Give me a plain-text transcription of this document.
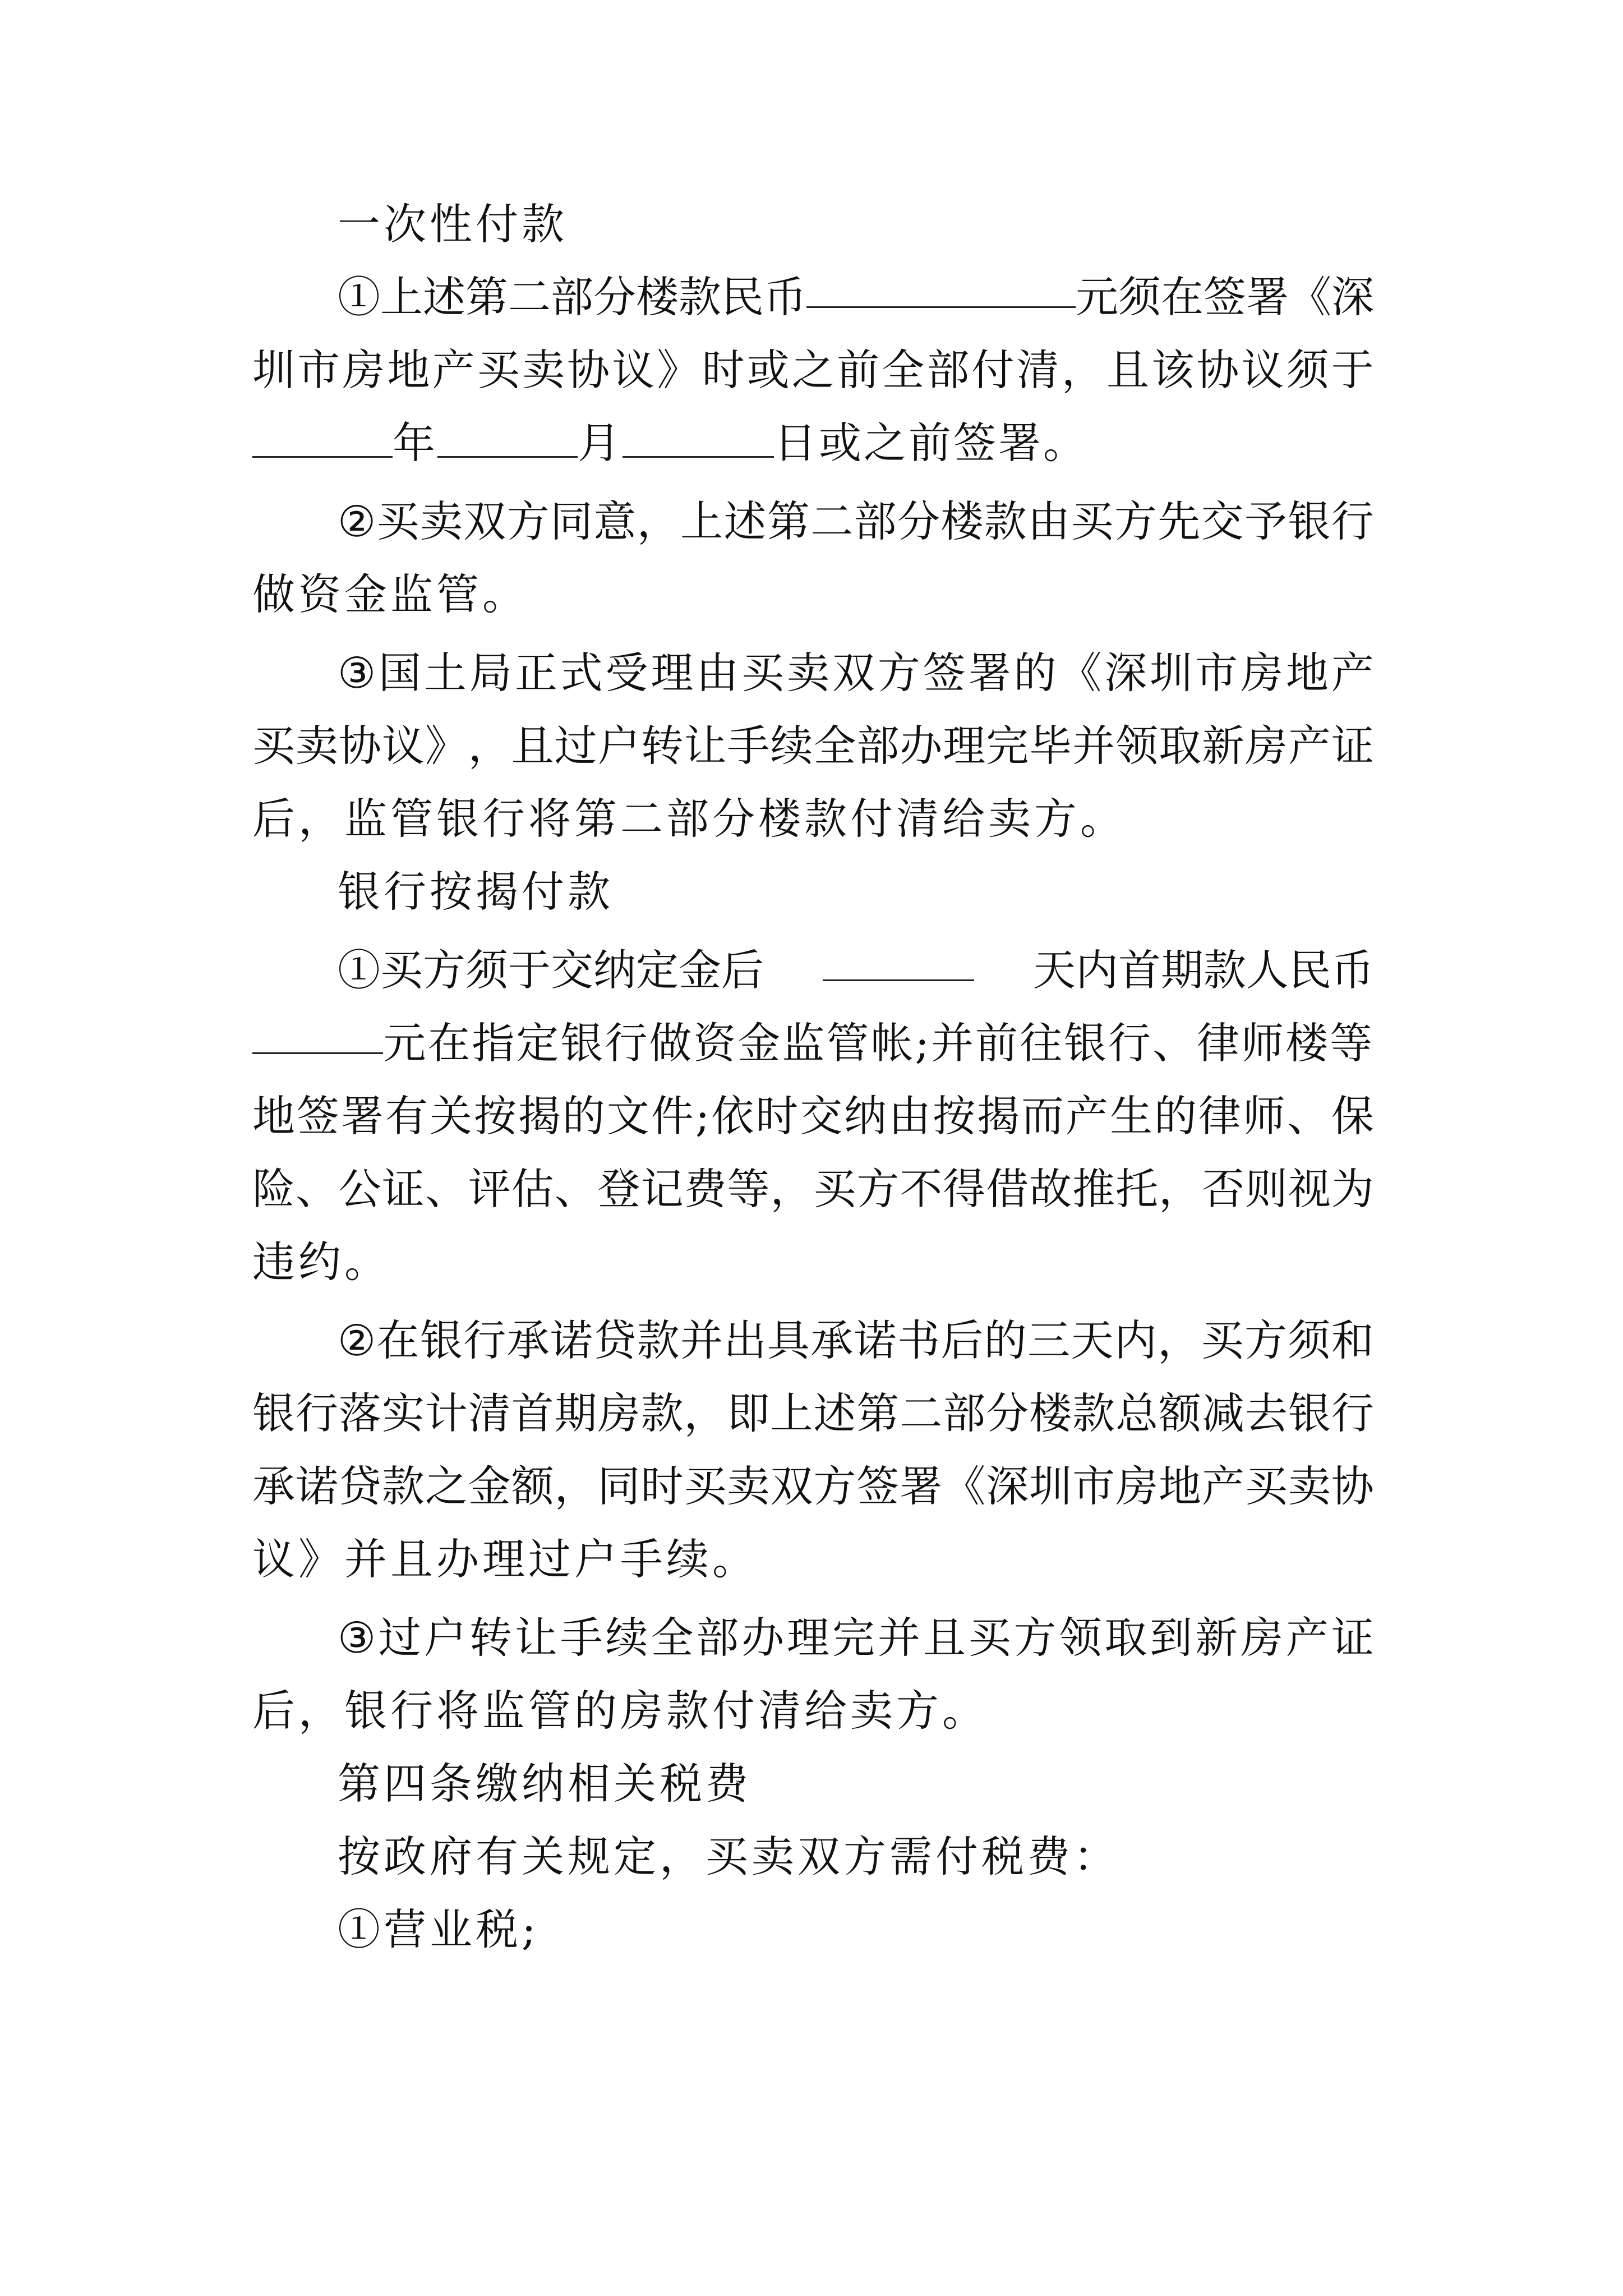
一次性付款
①上述第二部分楼款民币	元须在签署《深
圳 市 房 地 产 买 卖 协 议 》 时 或 之 前 全 部 付 清 ， 且 该 协 议 须 于
年	月	日或之前签署。
② 买 卖 双 方 同 意 ， 上 述 第 二 部 分 楼 款 由 买 方 先 交 予 银 行
做资金监管。
③ 国 土 局 正 式 受 理 由 买 卖 双 方 签 署 的 《 深 圳 市 房 地 产
买 卖 协 议 》 ， 且 过 户 转 让 手 续 全 部 办 理 完 毕 并 领 取 新 房 产 证
后，监管银行将第二部分楼款付清给卖方。
银行按揭付款
①买方须于交纳定金后	天内首期款人民币
元在指定银行做资金监管帐;并前往银行、律师楼等
地 签 署 有 关 按 揭 的 文 件 ; 依 时 交 纳 由 按 揭 而 产 生 的 律 师 、 保
险 、 公 证 、 评 估 、 登 记 费 等 ， 买 方 不 得 借 故 推 托 ， 否 则 视 为
违约。
② 在 银 行 承 诺 贷 款 并 出 具 承 诺 书 后 的 三 天 内 ， 买 方 须 和
银 行 落 实 计 清 首 期 房 款 ， 即 上 述 第 二 部 分 楼 款 总 额 减 去 银 行
承 诺 贷 款 之 金 额 ， 同 时 买 卖 双 方 签 署 《 深 圳 市 房 地 产 买 卖 协
议》并且办理过户手续。
③ 过 户 转 让 手 续 全 部 办 理 完 并 且 买 方 领 取 到 新 房 产 证
后，银行将监管的房款付清给卖方。
第四条缴纳相关税费
按政府有关规定，买卖双方需付税费：
①营业税;
